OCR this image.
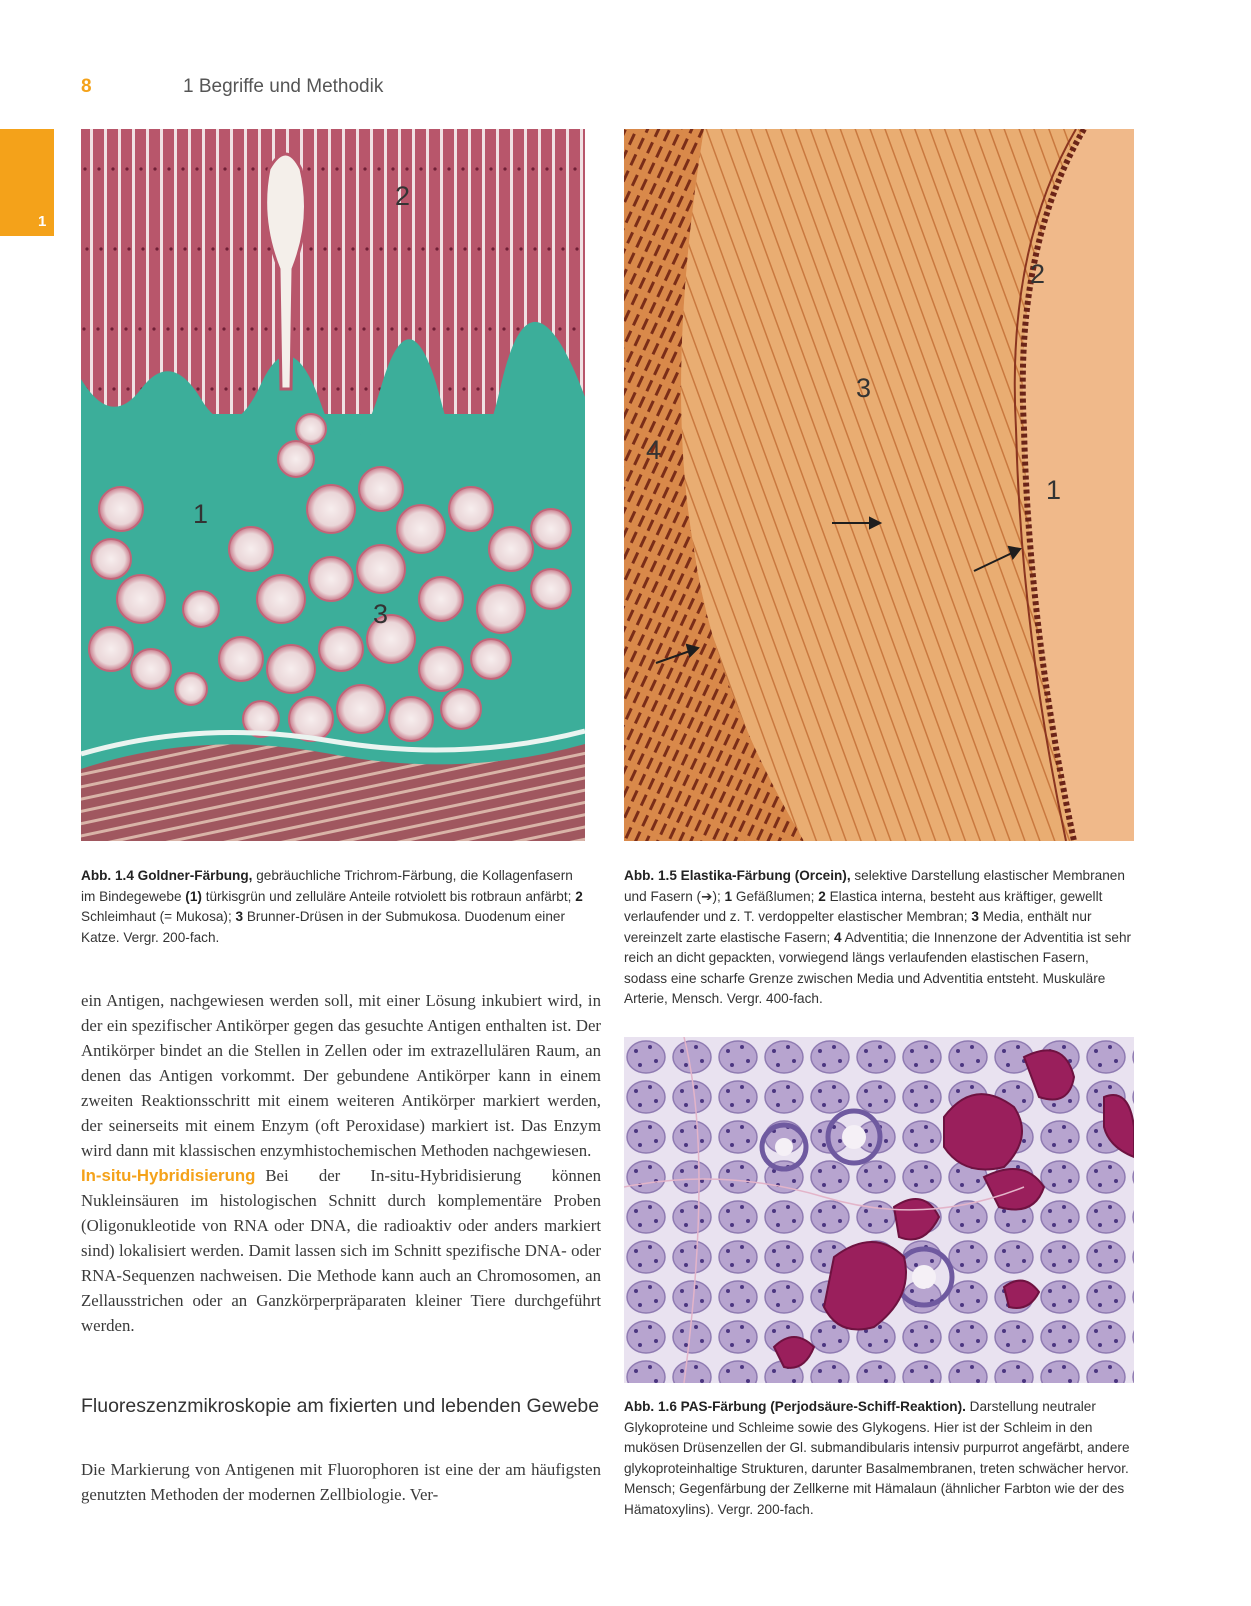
8	1 Begriffe und Methodik
1
2
1
3
2
3
4
1
Abb. 1.4 Goldner-Färbung, gebräuchliche Trichrom-Färbung, die Kollagenfasern im Bindegewebe (1) türkisgrün und zelluläre Anteile rotviolett bis rotbraun anfärbt; 2 Schleimhaut (= Mukosa); 3 Brunner-Drüsen in der Submukosa. Duodenum einer Katze. Vergr. 200-fach.
Abb. 1.5 Elastika-Färbung (Orcein), selektive Darstellung elastischer Membranen und Fasern (➔); 1 Gefäßlumen; 2 Elastica interna, besteht aus kräftiger, gewellt verlaufender und z. T. verdoppelter elastischer Membran; 3 Media, enthält nur vereinzelt zarte elastische Fasern; 4 Adventitia; die Innenzone der Adventitia ist sehr reich an dicht gepackten, vorwiegend längs verlaufenden elastischen Fasern, sodass eine scharfe Grenze zwischen Media und Adventitia entsteht. Muskuläre Arterie, Mensch. Vergr. 400-fach.
Abb. 1.6 PAS-Färbung (Perjodsäure-Schiff-Reaktion). Darstellung neutraler Glykoproteine und Schleime sowie des Glykogens. Hier ist der Schleim in den mukösen Drüsenzellen der Gl. submandibularis intensiv purpurrot angefärbt, andere glykoproteinhaltige Strukturen, darunter Basalmembranen, treten schwächer hervor. Mensch; Gegenfärbung der Zellkerne mit Hämalaun (ähnlicher Farbton wie der des Hämatoxylins). Vergr. 200-fach.

ein Antigen, nachgewiesen werden soll, mit einer Lösung inkubiert wird, in der ein spezifischer Antikörper gegen das gesuchte Antigen enthalten ist. Der Antikörper bindet an die Stellen in Zellen oder im extrazellulären Raum, an denen das Antigen vorkommt. Der gebundene Antikörper kann in einem zweiten Reaktionsschritt mit einem weiteren Antikörper markiert werden, der seinerseits mit einem Enzym (oft Peroxidase) markiert ist. Das Enzym wird dann mit klassischen enzymhistochemischen Methoden nachgewiesen.

In-situ-Hybridisierung Bei der In-situ-Hybridisierung können Nukleinsäuren im histologischen Schnitt durch komplementäre Proben (Oligonukleotide von RNA oder DNA, die radioaktiv oder anders markiert sind) lokalisiert werden. Damit lassen sich im Schnitt spezifische DNA- oder RNA-Sequenzen nachweisen. Die Methode kann auch an Chromosomen, an Zellausstrichen oder an Ganzkörperpräparaten kleiner Tiere durchgeführt werden.

Fluoreszenzmikroskopie am fixierten und lebenden Gewebe
Die Markierung von Antigenen mit Fluorophoren ist eine der am häufigsten genutzten Methoden der modernen Zellbiologie. Ver-
